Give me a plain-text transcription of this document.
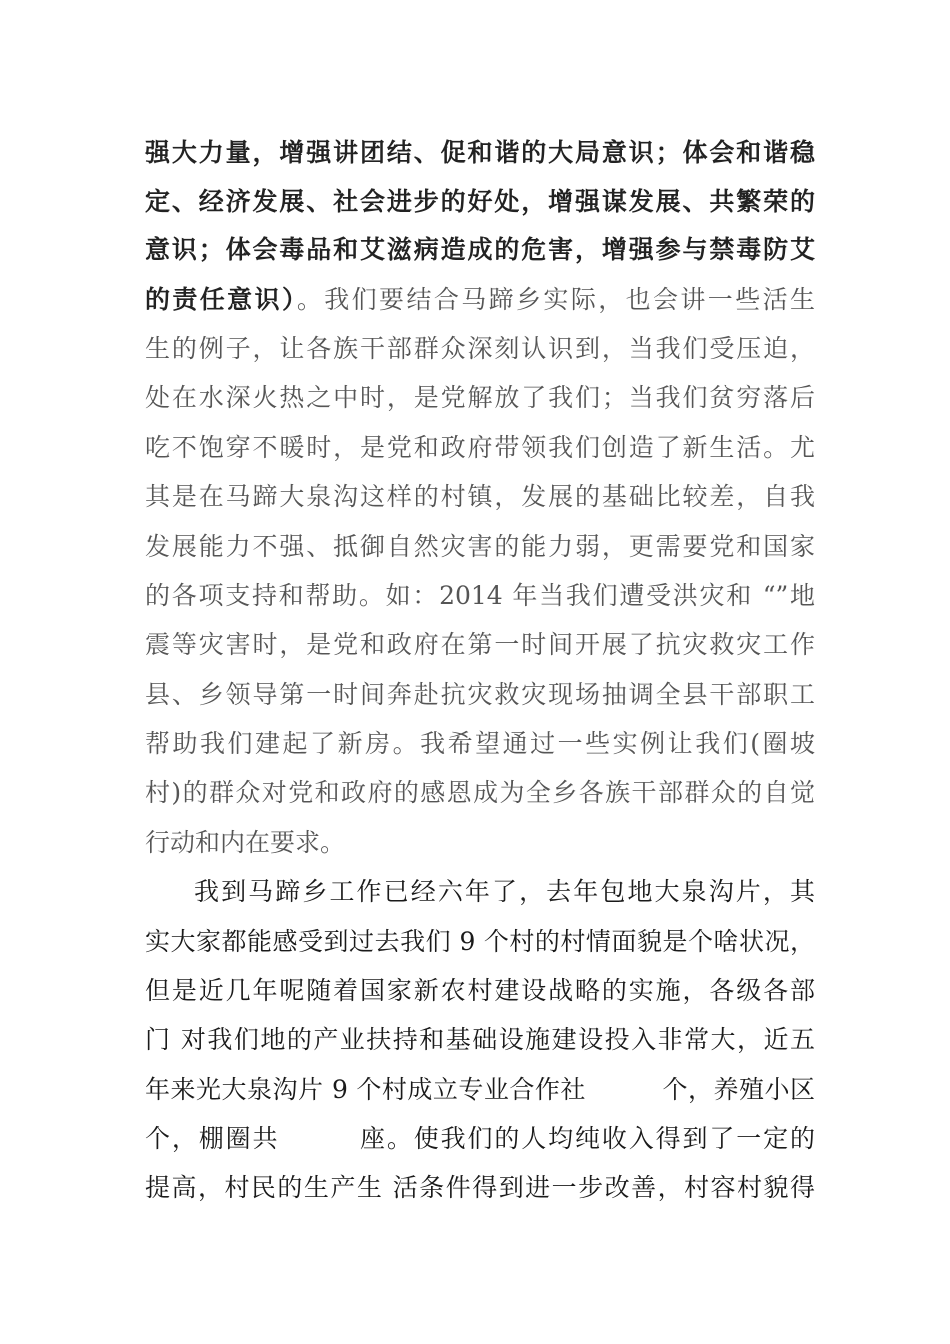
强大力量，增强讲团结、促和谐的大局意识；体会和谐稳
定、经济发展、社会进步的好处，增强谋发展、共繁荣的
意识；体会毒品和艾滋病造成的危害，增强参与禁毒防艾
的责任意识）。我们要结合马蹄乡实际，也会讲一些活生
生的例子，让各族干部群众深刻认识到，当我们受压迫，
处在水深火热之中时，是党解放了我们；当我们贫穷落后
吃不饱穿不暖时，是党和政府带领我们创造了新生活。尤
其是在马蹄大泉沟这样的村镇，发展的基础比较差，自我
发展能力不强、抵御自然灾害的能力弱，更需要党和国家
的各项支持和帮助。如：2014 年当我们遭受洪灾和 “”地
震等灾害时，是党和政府在第一时间开展了抗灾救灾工作
县、乡领导第一时间奔赴抗灾救灾现场抽调全县干部职工
帮助我们建起了新房。我希望通过一些实例让我们(圈坡
村)的群众对党和政府的感恩成为全乡各族干部群众的自觉
行动和内在要求。
我到马蹄乡工作已经六年了，去年包地大泉沟片，其
实大家都能感受到过去我们 9 个村的村情面貌是个啥状况，
但是近几年呢随着国家新农村建设战略的实施，各级各部
门 对我们地的产业扶持和基础设施建设投入非常大，近五
年来光大泉沟片 9 个村成立专业合作社　　　个，养殖小区
个，棚圈共　　　座。使我们的人均纯收入得到了一定的
提高，村民的生产生 活条件得到进一步改善，村容村貌得
